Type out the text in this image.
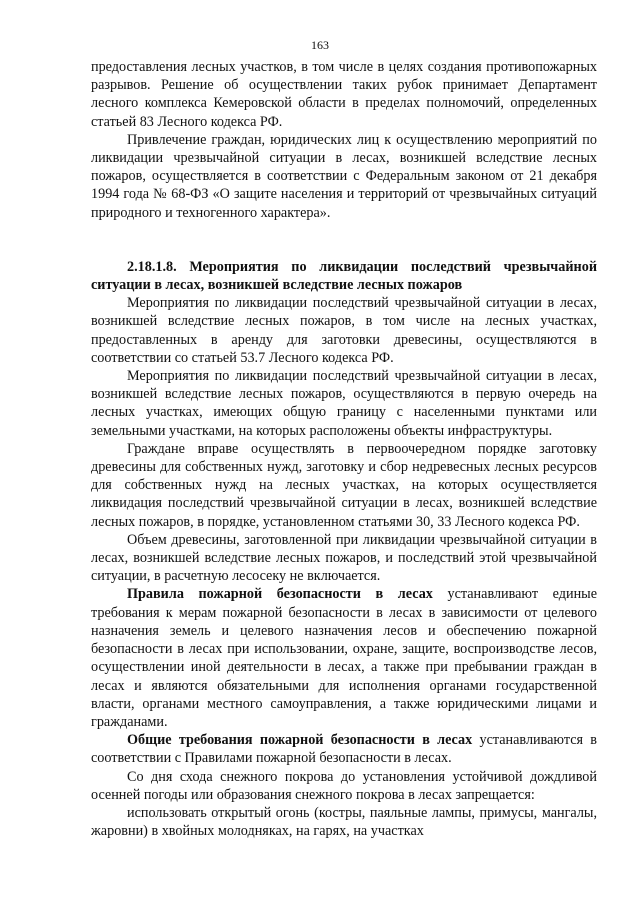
163

предоставления лесных участков, в том числе в целях создания противопожарных разрывов. Решение об осуществлении таких рубок принимает Департамент лесного комплекса Кемеровской области в пределах полномочий, определенных статьей 83 Лесного кодекса РФ.

Привлечение граждан, юридических лиц к осуществлению мероприятий по ликвидации чрезвычайной ситуации в лесах, возникшей вследствие лесных пожаров, осуществляется в соответствии с Федеральным законом от 21 декабря 1994 года № 68-ФЗ «О защите населения и территорий от чрезвычайных ситуаций природного и техногенного характера».

2.18.1.8. Мероприятия по ликвидации последствий чрезвычайной ситуации в лесах, возникшей вследствие лесных пожаров

Мероприятия по ликвидации последствий чрезвычайной ситуации в лесах, возникшей вследствие лесных пожаров, в том числе на лесных участках, предоставленных в аренду для заготовки древесины, осуществляются в соответствии со статьей 53.7 Лесного кодекса РФ.

Мероприятия по ликвидации последствий чрезвычайной ситуации в лесах, возникшей вследствие лесных пожаров, осуществляются в первую очередь на лесных участках, имеющих общую границу с населенными пунктами или земельными участками, на которых расположены объекты инфраструктуры.

Граждане вправе осуществлять в первоочередном порядке заготовку древесины для собственных нужд, заготовку и сбор недревесных лесных ресурсов для собственных нужд на лесных участках, на которых осуществляется ликвидация последствий чрезвычайной ситуации в лесах, возникшей вследствие лесных пожаров, в порядке, установленном статьями 30, 33 Лесного кодекса РФ.

Объем древесины, заготовленной при ликвидации чрезвычайной ситуации в лесах, возникшей вследствие лесных пожаров, и последствий этой чрезвычайной ситуации, в расчетную лесосеку не включается.

Правила пожарной безопасности в лесах устанавливают единые требования к мерам пожарной безопасности в лесах в зависимости от целевого назначения земель и целевого назначения лесов и обеспечению пожарной безопасности в лесах при использовании, охране, защите, воспроизводстве лесов, осуществлении иной деятельности в лесах, а также при пребывании граждан в лесах и являются обязательными для исполнения органами государственной власти, органами местного самоуправления, а также юридическими лицами и гражданами.

Общие требования пожарной безопасности в лесах устанавливаются в соответствии с Правилами пожарной безопасности в лесах.

Со дня схода снежного покрова до установления устойчивой дождливой осенней погоды или образования снежного покрова в лесах запрещается:

использовать открытый огонь (костры, паяльные лампы, примусы, мангалы, жаровни) в хвойных молодняках, на гарях, на участках
